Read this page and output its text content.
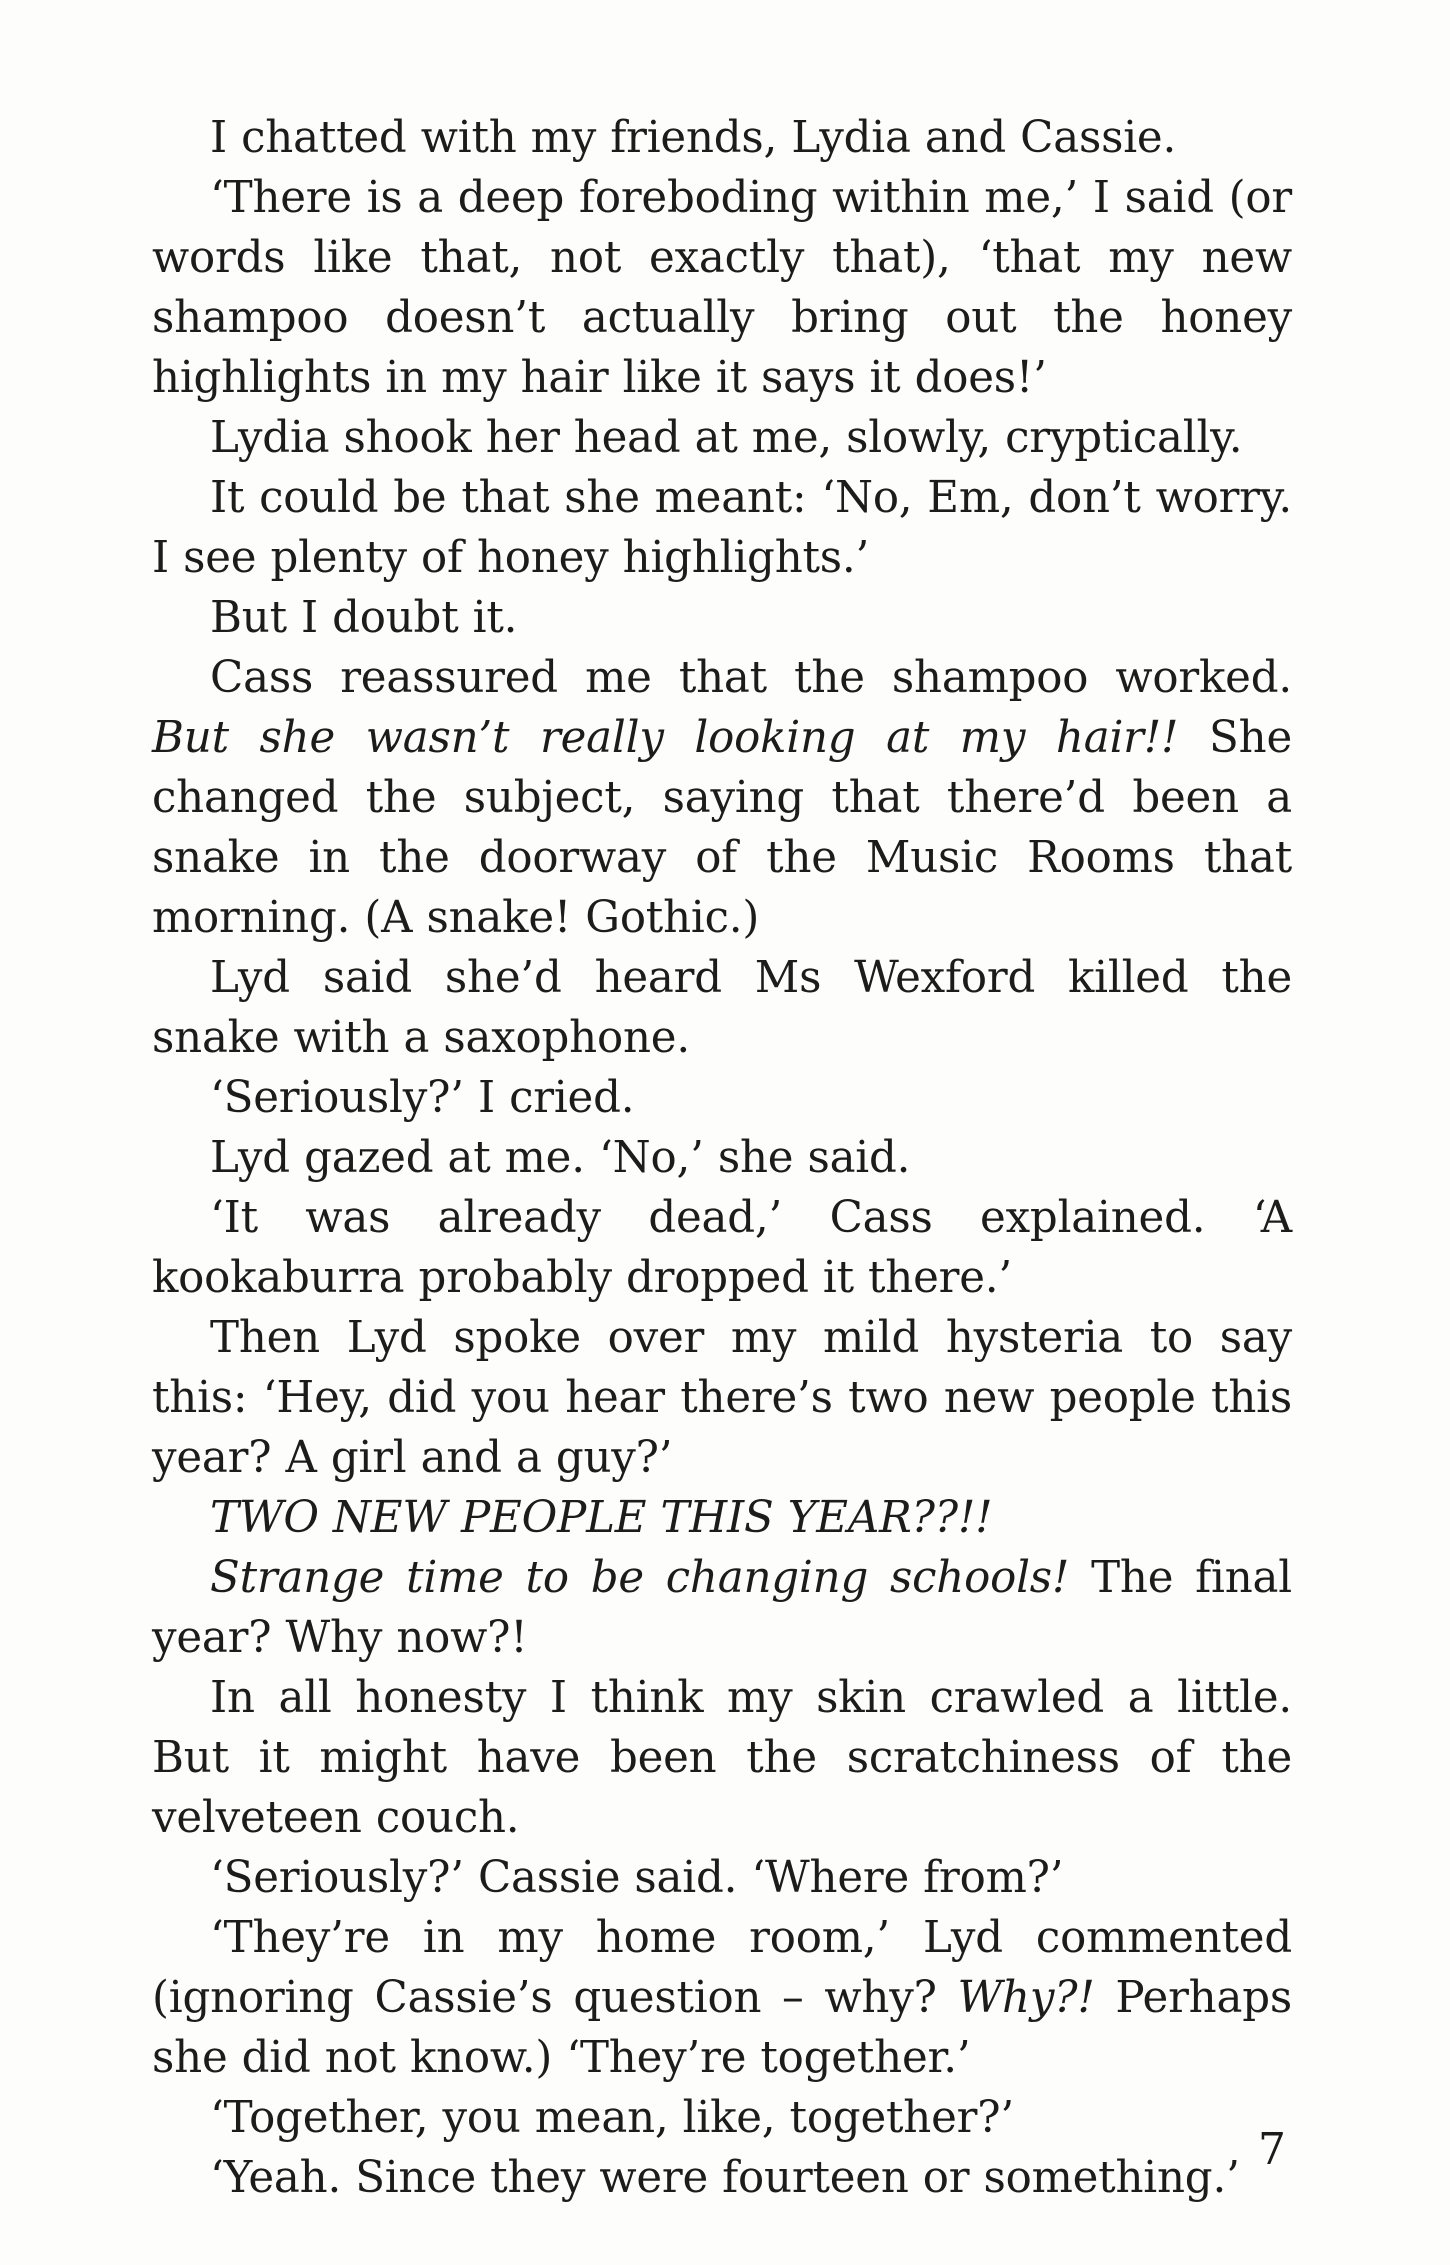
I chatted with my friends, Lydia and Cassie.

‘There is a deep foreboding within me,’ I said (or words like that, not exactly that), ‘that my new shampoo doesn’t actually bring out the honey highlights in my hair like it says it does!’

Lydia shook her head at me, slowly, cryptically.

It could be that she meant: ‘No, Em, don’t worry. I see plenty of honey highlights.’

But I doubt it.

Cass reassured me that the shampoo worked. But she wasn’t really looking at my hair!! She changed the subject, saying that there’d been a snake in the doorway of the Music Rooms that morning. (A snake! Gothic.)

Lyd said she’d heard Ms Wexford killed the snake with a saxophone.

‘Seriously?’ I cried.

Lyd gazed at me. ‘No,’ she said.

‘It was already dead,’ Cass explained. ‘A kookaburra probably dropped it there.’

Then Lyd spoke over my mild hysteria to say this: ‘Hey, did you hear there’s two new people this year? A girl and a guy?’

TWO NEW PEOPLE THIS YEAR??!!

Strange time to be changing schools! The final year? Why now?!

In all honesty I think my skin crawled a little. But it might have been the scratchiness of the velveteen couch.

‘Seriously?’ Cassie said. ‘Where from?’

‘They’re in my home room,’ Lyd commented (ignoring Cassie’s question – why? Why?! Perhaps she did not know.) ‘They’re together.’

‘Together, you mean, like, together?’

‘Yeah. Since they were fourteen or something.’

7
